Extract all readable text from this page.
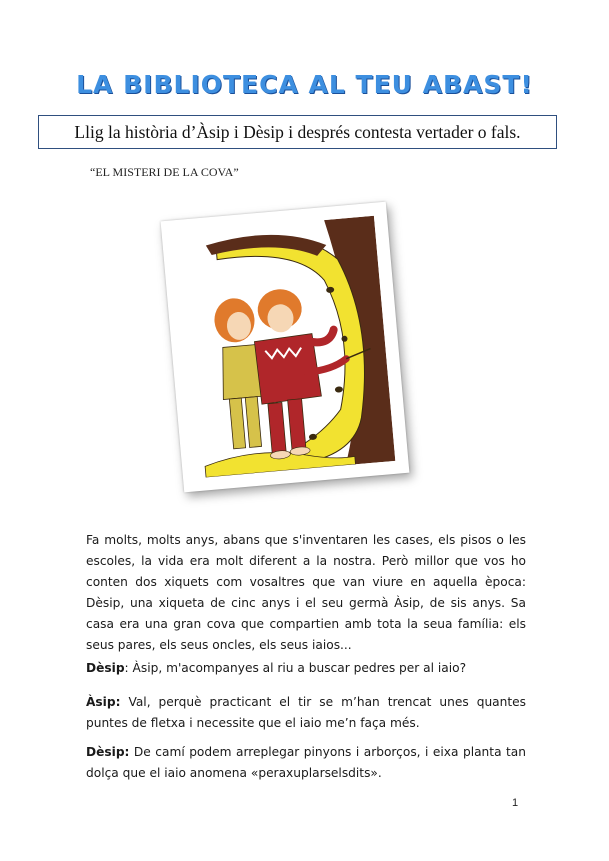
LA BIBLIOTECA AL TEU ABAST!
Llig la història d’Àsip i Dèsip i després contesta vertader o fals.
“EL MISTERI DE LA COVA”

Fa molts, molts anys, abans que s'inventaren les cases, els pisos o les escoles, la vida era molt diferent a la nostra. Però millor que vos ho conten dos xiquets com vosaltres que van viure en aquella època: Dèsip, una xiqueta de cinc anys i el seu germà Àsip, de sis anys. Sa casa era una gran cova que compartien amb tota la seua família: els seus pares, els seus oncles, els seus iaios...

Dèsip: Àsip, m'acompanyes al riu a buscar pedres per al iaio?

Àsip: Val, perquè practicant el tir se m’han trencat unes quantes puntes de fletxa i necessite que el iaio me’n faça més.

Dèsip: De camí podem arreplegar pinyons i arborços, i eixa planta tan dolça que el iaio anomena «peraxuplarselsdits».

1
